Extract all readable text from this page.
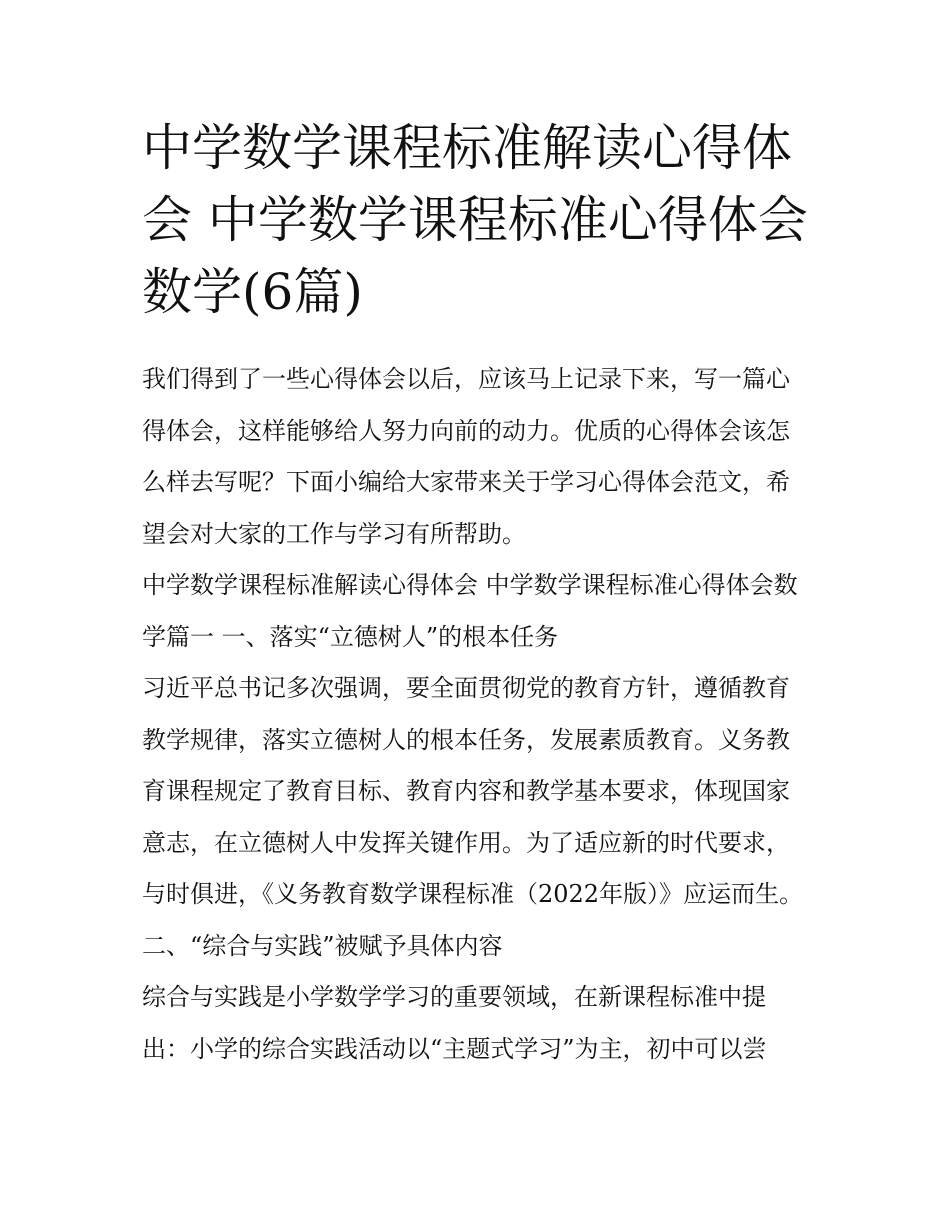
中学数学课程标准解读心得体会 中学数学课程标准心得体会数学(6篇)

我们得到了一些心得体会以后，应该马上记录下来，写一篇心得体会，这样能够给人努力向前的动力。优质的心得体会该怎么样去写呢？下面小编给大家带来关于学习心得体会范文，希望会对大家的工作与学习有所帮助。

中学数学课程标准解读心得体会 中学数学课程标准心得体会数学篇一 一、落实“立德树人”的根本任务

习近平总书记多次强调，要全面贯彻党的教育方针，遵循教育教学规律，落实立德树人的根本任务，发展素质教育。义务教育课程规定了教育目标、教育内容和教学基本要求，体现国家意志，在立德树人中发挥关键作用。为了适应新的时代要求，与时俱进，《义务教育数学课程标准（2022年版）》应运而生。

二、“综合与实践”被赋予具体内容

综合与实践是小学数学学习的重要领域，在新课程标准中提出：小学的综合实践活动以“主题式学习”为主，初中可以尝
